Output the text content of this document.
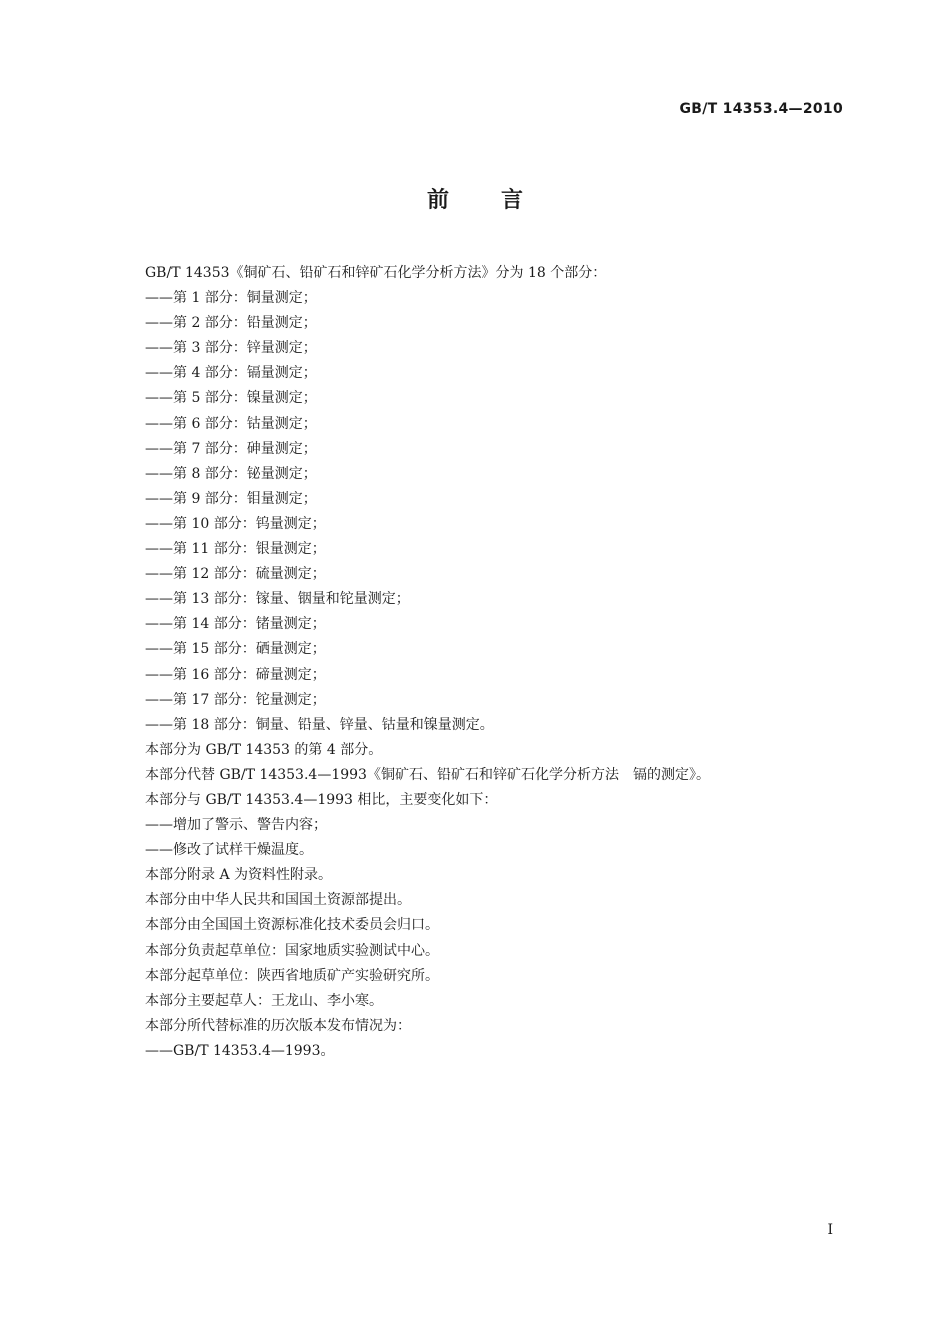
GB/T 14353.4—2010
前言
GB/T 14353《铜矿石、铅矿石和锌矿石化学分析方法》分为 18 个部分：
——第 1 部分：铜量测定；
——第 2 部分：铅量测定；
——第 3 部分：锌量测定；
——第 4 部分：镉量测定；
——第 5 部分：镍量测定；
——第 6 部分：钴量测定；
——第 7 部分：砷量测定；
——第 8 部分：铋量测定；
——第 9 部分：钼量测定；
——第 10 部分：钨量测定；
——第 11 部分：银量测定；
——第 12 部分：硫量测定；
——第 13 部分：镓量、铟量和铊量测定；
——第 14 部分：锗量测定；
——第 15 部分：硒量测定；
——第 16 部分：碲量测定；
——第 17 部分：铊量测定；
——第 18 部分：铜量、铅量、锌量、钴量和镍量测定。
本部分为 GB/T 14353 的第 4 部分。
本部分代替 GB/T 14353.4—1993《铜矿石、铅矿石和锌矿石化学分析方法　镉的测定》。
本部分与 GB/T 14353.4—1993 相比，主要变化如下：
——增加了警示、警告内容；
——修改了试样干燥温度。
本部分附录 A 为资料性附录。
本部分由中华人民共和国国土资源部提出。
本部分由全国国土资源标准化技术委员会归口。
本部分负责起草单位：国家地质实验测试中心。
本部分起草单位：陕西省地质矿产实验研究所。
本部分主要起草人：王龙山、李小寒。
本部分所代替标准的历次版本发布情况为：
——GB/T 14353.4—1993。
I
